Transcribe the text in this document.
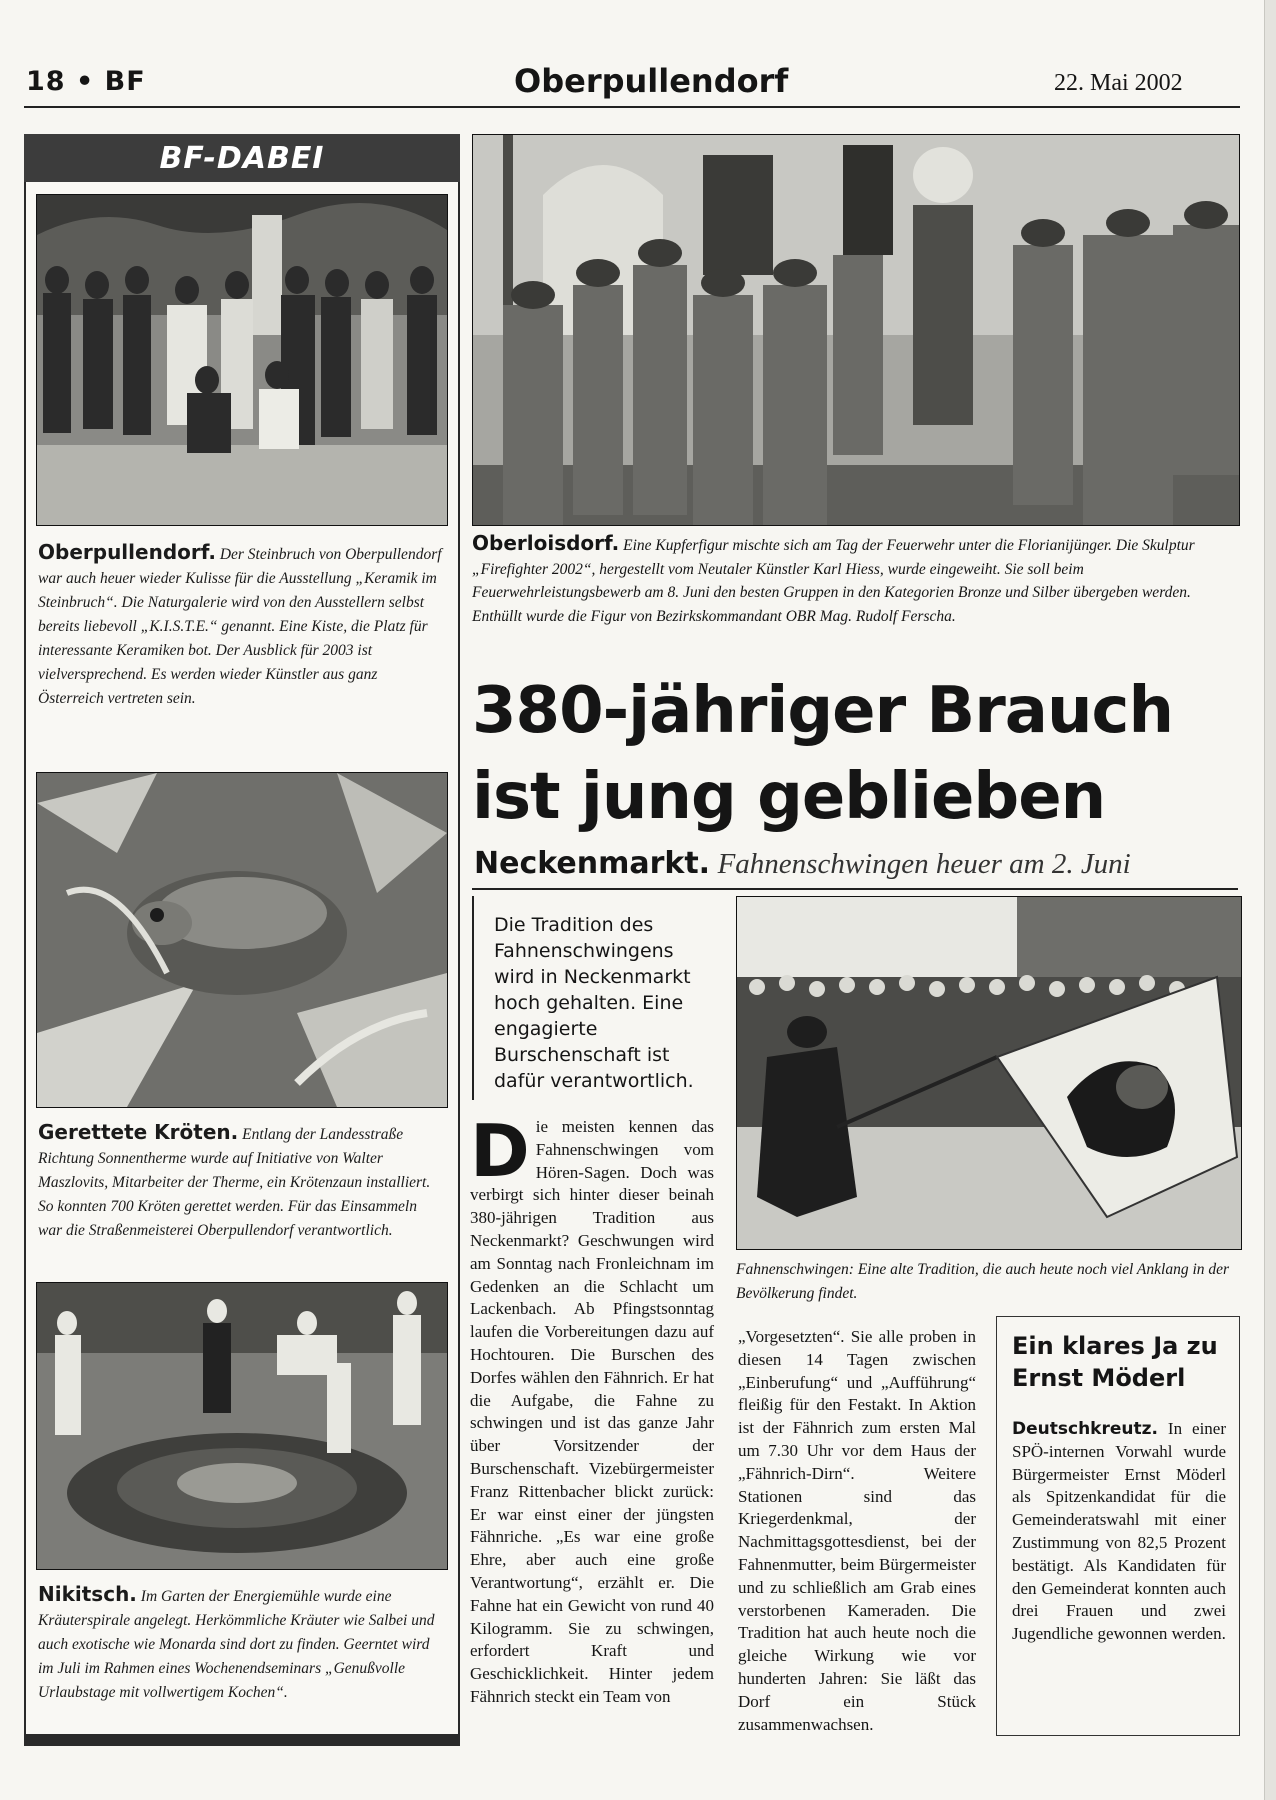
18 • BF	Oberpullendorf	22. Mai 2002
BF-DABEI
Oberpullendorf. Der Steinbruch von Oberpullendorf war auch heuer wieder Kulisse für die Ausstellung „Keramik im Steinbruch“. Die Naturgalerie wird von den Ausstellern selbst bereits liebevoll „K.I.S.T.E.“ genannt. Eine Kiste, die Platz für interessante Keramiken bot. Der Ausblick für 2003 ist vielversprechend. Es werden wieder Künstler aus ganz Österreich vertreten sein.
Gerettete Kröten. Entlang der Landesstraße Richtung Sonnentherme wurde auf Initiative von Walter Maszlovits, Mitarbeiter der Therme, ein Krötenzaun installiert. So konnten 700 Kröten gerettet werden. Für das Einsammeln war die Straßenmeisterei Oberpullendorf verantwortlich.
Nikitsch. Im Garten der Energiemühle wurde eine Kräuterspirale angelegt. Herkömmliche Kräuter wie Salbei und auch exotische wie Monarda sind dort zu finden. Geerntet wird im Juli im Rahmen eines Wochenendseminars „Genußvolle Urlaubstage mit vollwertigem Kochen“.
Oberloisdorf. Eine Kupferfigur mischte sich am Tag der Feuerwehr unter die Florianijünger. Die Skulptur „Firefighter 2002“, hergestellt vom Neutaler Künstler Karl Hiess, wurde eingeweiht. Sie soll beim Feuerwehrleistungsbewerb am 8. Juni den besten Gruppen in den Kategorien Bronze und Silber übergeben werden. Enthüllt wurde die Figur von Bezirkskommandant OBR Mag. Rudolf Ferscha.
380-jähriger Brauch
ist jung geblieben
Neckenmarkt. Fahnenschwingen heuer am 2. Juni
Die Tradition des Fahnenschwingens wird in Neckenmarkt hoch gehalten. Eine engagierte Burschenschaft ist dafür verantwortlich.
Fahnenschwingen: Eine alte Tradition, die auch heute noch viel Anklang in der Bevölkerung findet.
Die meisten kennen das Fahnenschwingen vom Hören-Sagen. Doch was verbirgt sich hinter dieser beinah 380-jährigen Tradition aus Neckenmarkt? Geschwungen wird am Sonntag nach Fronleichnam im Gedenken an die Schlacht um Lackenbach. Ab Pfingstsonntag laufen die Vorbereitungen dazu auf Hochtouren. Die Burschen des Dorfes wählen den Fähnrich. Er hat die Aufgabe, die Fahne zu schwingen und ist das ganze Jahr über Vorsitzender der Burschenschaft. Vizebürgermeister Franz Rittenbacher blickt zurück: Er war einst einer der jüngsten Fähnriche. „Es war eine große Ehre, aber auch eine große Verantwortung“, erzählt er. Die Fahne hat ein Gewicht von rund 40 Kilogramm. Sie zu schwingen, erfordert Kraft und Geschicklichkeit. Hinter jedem Fähnrich steckt ein Team von
„Vorgesetzten“. Sie alle proben in diesen 14 Tagen zwischen „Einberufung“ und „Aufführung“ fleißig für den Festakt. In Aktion ist der Fähnrich zum ersten Mal um 7.30 Uhr vor dem Haus der „Fähnrich-Dirn“. Weitere Stationen sind das Kriegerdenkmal, der Nachmittagsgottesdienst, bei der Fahnenmutter, beim Bürgermeister und zu schließlich am Grab eines verstorbenen Kameraden. Die Tradition hat auch heute noch die gleiche Wirkung wie vor hunderten Jahren: Sie läßt das Dorf ein Stück zusammenwachsen.
Ein klares Ja zu Ernst Möderl
Deutschkreutz. In einer SPÖ-internen Vorwahl wurde Bürgermeister Ernst Möderl als Spitzenkandidat für die Gemeinderatswahl mit einer Zustimmung von 82,5 Prozent bestätigt. Als Kandidaten für den Gemeinderat konnten auch drei Frauen und zwei Jugendliche gewonnen werden.
